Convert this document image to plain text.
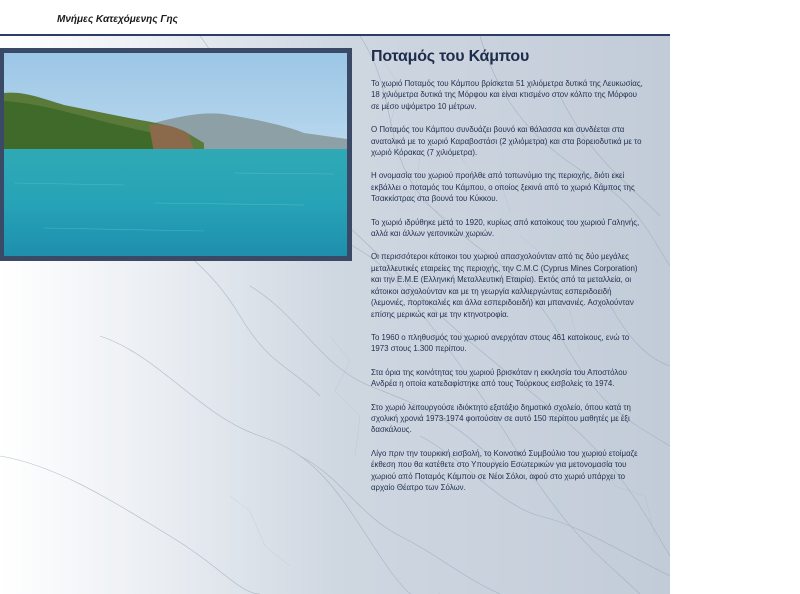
Μνήμες Κατεχόμενης Γης
Ποταμός του Κάμπου

Το χωριό Ποταμός του Κάμπου βρίσκεται 51 χιλιόμετρα δυτικά της Λευκωσίας, 18 χιλιόμετρα δυτικά της Μόρφου και είναι κτισμένο στον κόλπο της Μόρφου σε μέσο υψόμετρο 10 μέτρων.

Ο Ποταμός του Κάμπου συνδυάζει βουνό και θάλασσα και συνδέεται στα ανατολικά με το χωριό Καραβοστάσι (2 χιλιόμετρα) και στα βορειοδυτικά με το χωριό Κόρακας (7 χιλιόμετρα).

Η ονομασία του χωριού προήλθε από τοπωνύμιο της περιοχής, διότι εκεί εκβάλλει ο ποταμός του Κάμπου, ο οποίος ξεκινά από το χωριό Κάμπος της Τσακκίστρας στα βουνά του Κύκκου.

Το χωριό ιδρύθηκε μετά το 1920, κυρίως από κατοίκους του χωριού Γαληνής, αλλά και άλλων γειτονικών χωριών.

Οι περισσότεροι κάτοικοι του χωριού απασχολούνταν από τις δύο μεγάλες μεταλλευτικές εταιρείες της περιοχής, την C.M.C (Cyprus Mines Corporation) και την Ε.Μ.Ε (Ελληνική Μεταλλευτική Εταιρία). Εκτός από τα μεταλλεία, οι κάτοικοι ασχολούνταν και με τη γεωργία καλλιεργώντας εσπεριδοειδή (λεμονιές, πορτοκαλιές και άλλα εσπεριδοειδή) και μπανανιές. Ασχολούνταν επίσης μερικώς και με την κτηνοτροφία.

Το 1960 ο πληθυσμός του χωριού ανερχόταν στους 461 κατοίκους, ενώ το 1973 στους 1.300 περίπου.

Στα όρια της κοινότητας του χωριού βρισκόταν η εκκλησία του Αποστόλου Ανδρέα η οποία κατεδαφίστηκε από τους Τούρκους εισβολείς το 1974.

Στο χωριό λειτουργούσε ιδιόκτητο εξατάξιο δημοτικό σχολείο, όπου κατά τη σχολική χρονιά 1973-1974 φοιτούσαν σε αυτό 150 περίπου μαθητές με έξι δασκάλους.

Λίγο πριν την τουρκική εισβολή, το Κοινοτικό Συμβούλιο του χωριού ετοίμαζε έκθεση που θα κατέθετε στο Υπουργείο Εσωτερικών για μετονομασία του χωριού από Ποταμός Κάμπου σε Νέοι Σόλοι, αφού στο χωριό υπάρχει το αρχαίο Θέατρο των Σόλων.
